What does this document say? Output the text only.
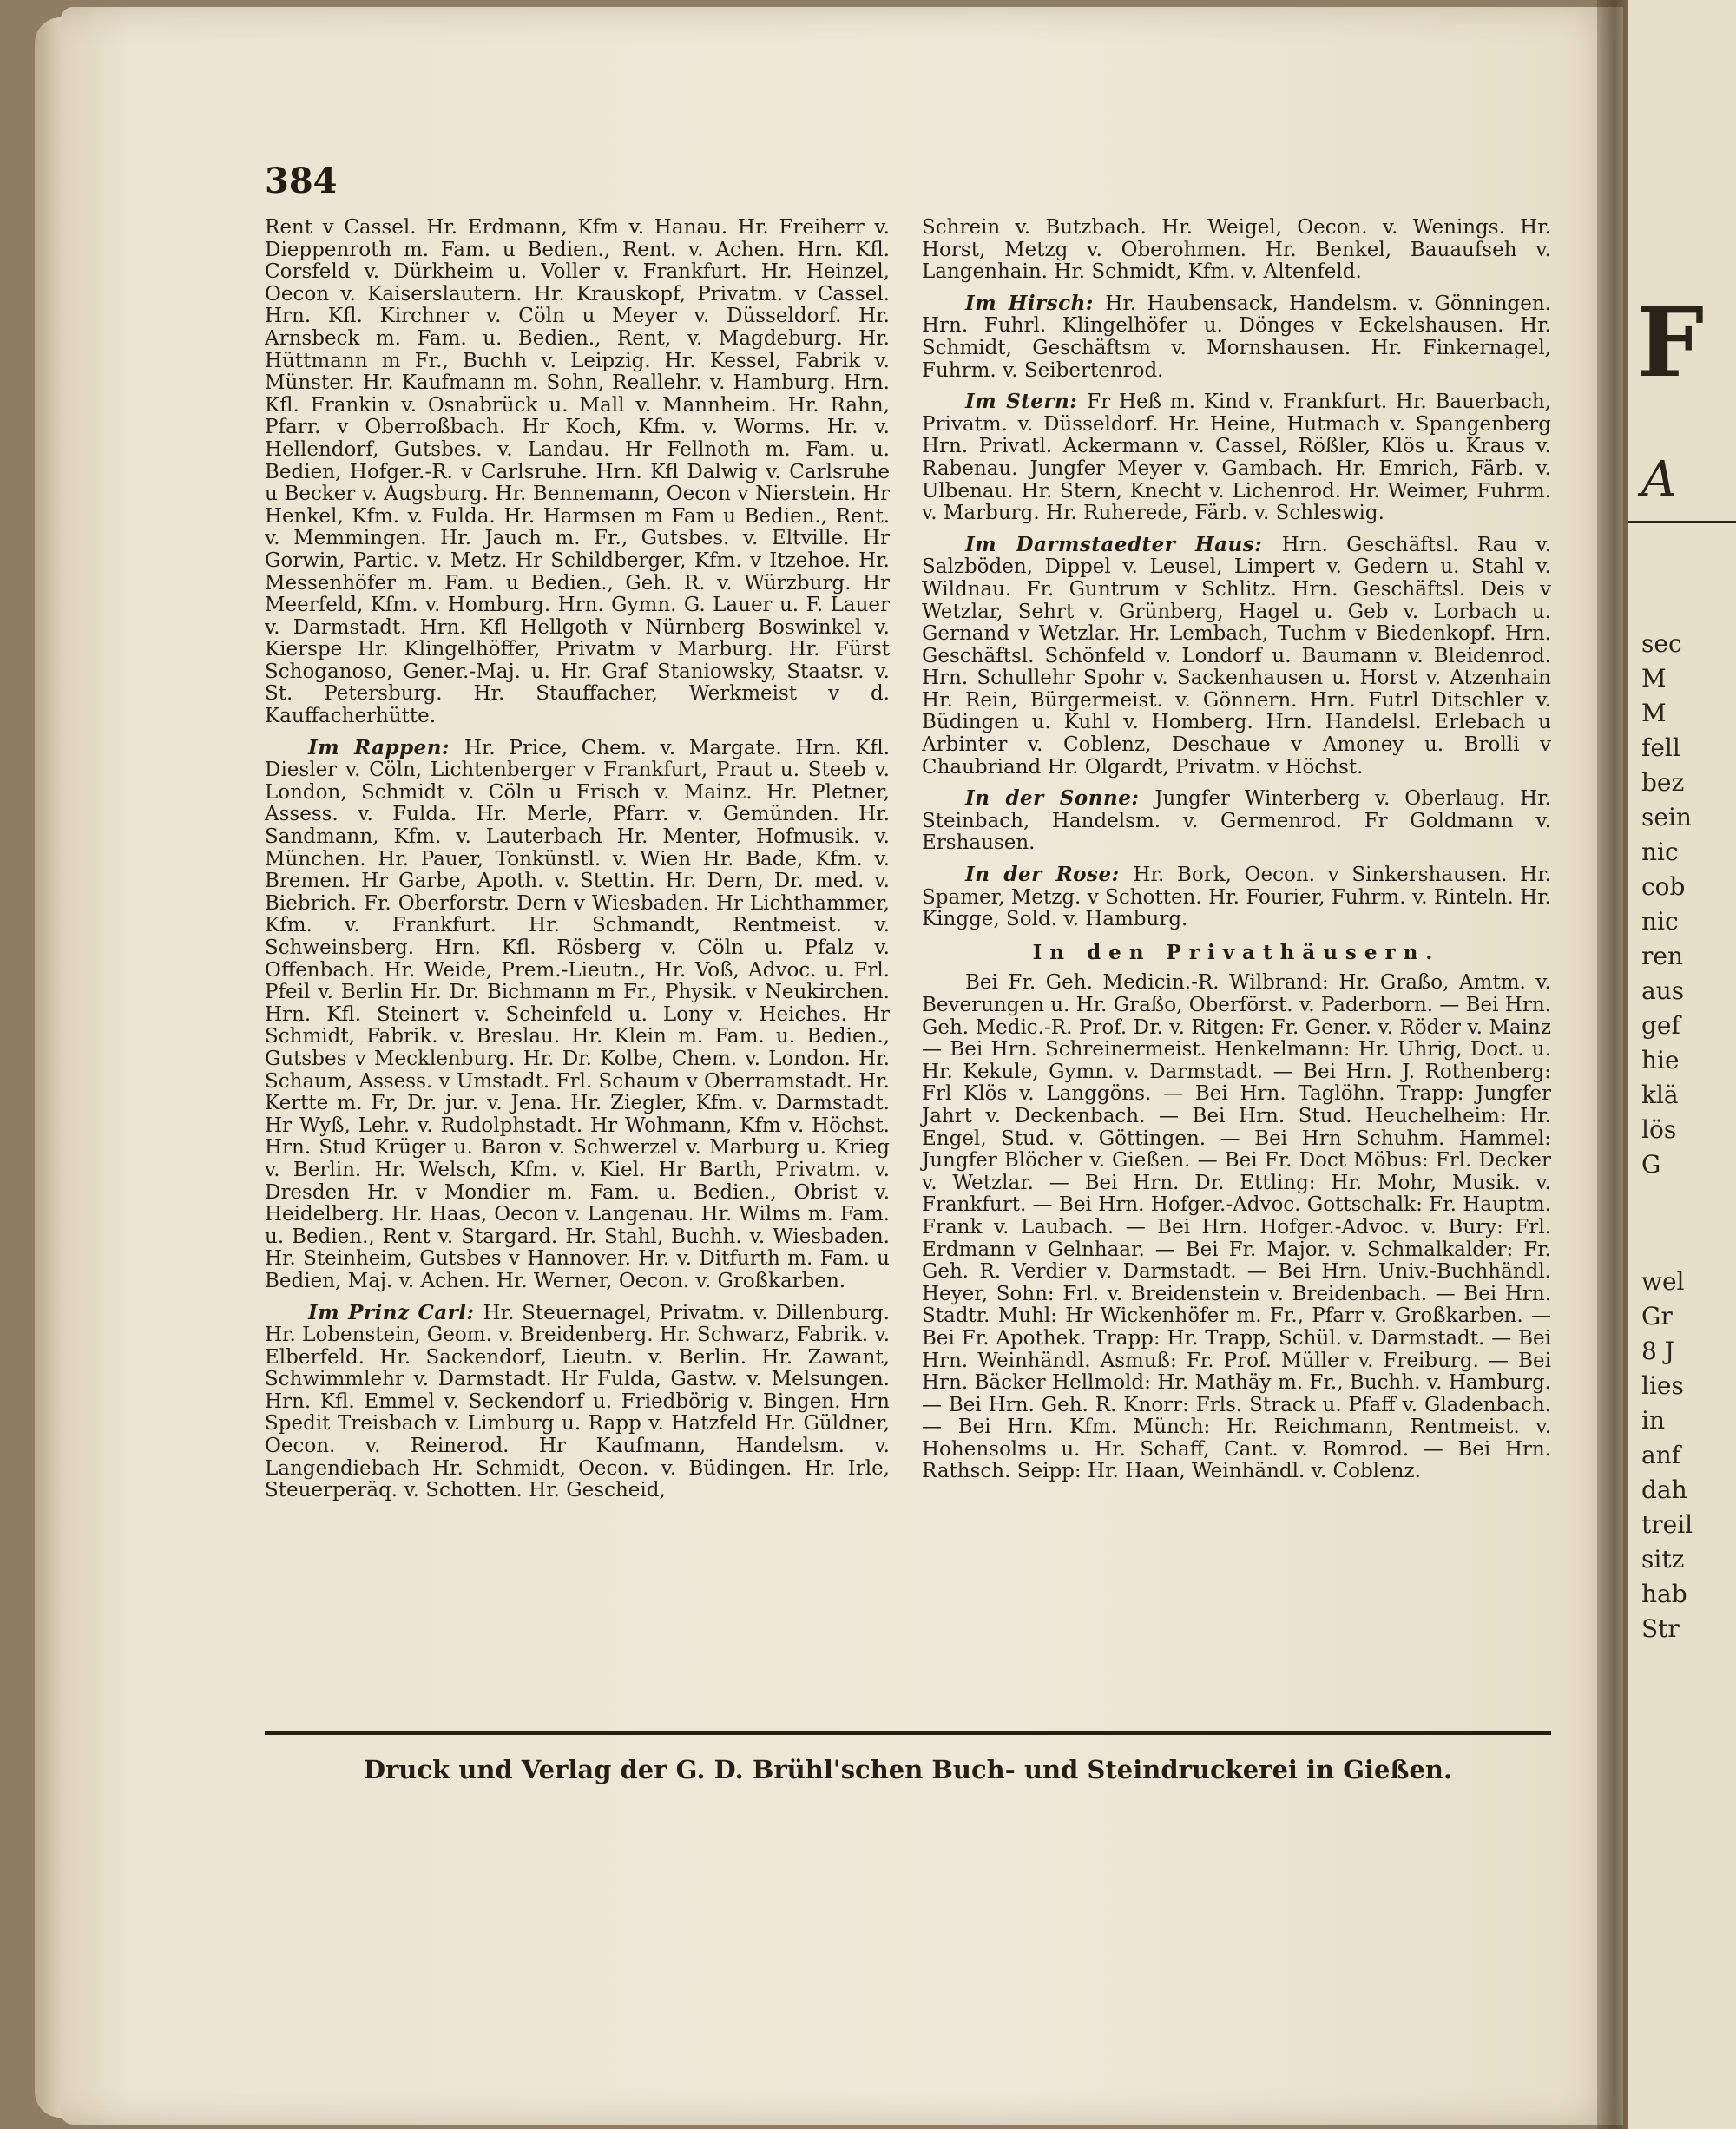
F
A
sec
M
M
fell
bez
sein
nic
cob
nic
ren
aus
gef
hie
klä
lös
G
wel
Gr
8 J
lies
in
anf
dah
treil
sitz
hab
Str
384

Rent v Cassel. Hr. Erdmann, Kfm v. Hanau. Hr. Freiherr v. Dieppenroth m. Fam. u Bedien., Rent. v. Achen. Hrn. Kfl. Corsfeld v. Dürkheim u. Voller v. Frankfurt. Hr. Heinzel, Oecon v. Kaiserslautern. Hr. Krauskopf, Privatm. v Cassel. Hrn. Kfl. Kirchner v. Cöln u Meyer v. Düsseldorf. Hr. Arnsbeck m. Fam. u. Bedien., Rent, v. Magdeburg. Hr. Hüttmann m Fr., Buchh v. Leipzig. Hr. Kessel, Fabrik v. Münster. Hr. Kaufmann m. Sohn, Reallehr. v. Hamburg. Hrn. Kfl. Frankin v. Osnabrück u. Mall v. Mannheim. Hr. Rahn, Pfarr. v Oberroßbach. Hr Koch, Kfm. v. Worms. Hr. v. Hellendorf, Gutsbes. v. Landau. Hr Fellnoth m. Fam. u. Bedien, Hofger.-R. v Carlsruhe. Hrn. Kfl Dalwig v. Carlsruhe u Becker v. Augsburg. Hr. Bennemann, Oecon v Nierstein. Hr Henkel, Kfm. v. Fulda. Hr. Harmsen m Fam u Bedien., Rent. v. Memmingen. Hr. Jauch m. Fr., Gutsbes. v. Eltville. Hr Gorwin, Partic. v. Metz. Hr Schildberger, Kfm. v Itzehoe. Hr. Messenhöfer m. Fam. u Bedien., Geh. R. v. Würzburg. Hr Meerfeld, Kfm. v. Homburg. Hrn. Gymn. G. Lauer u. F. Lauer v. Darmstadt. Hrn. Kfl Hellgoth v Nürnberg Boswinkel v. Kierspe Hr. Klingelhöffer, Privatm v Marburg. Hr. Fürst Schoganoso, Gener.-Maj. u. Hr. Graf Staniowsky, Staatsr. v. St. Petersburg. Hr. Stauffacher, Werkmeist v d. Kauffacherhütte.

Im Rappen: Hr. Price, Chem. v. Margate. Hrn. Kfl. Diesler v. Cöln, Lichtenberger v Frankfurt, Praut u. Steeb v. London, Schmidt v. Cöln u Frisch v. Mainz. Hr. Pletner, Assess. v. Fulda. Hr. Merle, Pfarr. v. Gemünden. Hr. Sandmann, Kfm. v. Lauterbach Hr. Menter, Hofmusik. v. München. Hr. Pauer, Tonkünstl. v. Wien Hr. Bade, Kfm. v. Bremen. Hr Garbe, Apoth. v. Stettin. Hr. Dern, Dr. med. v. Biebrich. Fr. Oberforstr. Dern v Wiesbaden. Hr Lichthammer, Kfm. v. Frankfurt. Hr. Schmandt, Rentmeist. v. Schweinsberg. Hrn. Kfl. Rösberg v. Cöln u. Pfalz v. Offenbach. Hr. Weide, Prem.-Lieutn., Hr. Voß, Advoc. u. Frl. Pfeil v. Berlin Hr. Dr. Bichmann m Fr., Physik. v Neukirchen. Hrn. Kfl. Steinert v. Scheinfeld u. Lony v. Heiches. Hr Schmidt, Fabrik. v. Breslau. Hr. Klein m. Fam. u. Bedien., Gutsbes v Mecklenburg. Hr. Dr. Kolbe, Chem. v. London. Hr. Schaum, Assess. v Umstadt. Frl. Schaum v Oberramstadt. Hr. Kertte m. Fr, Dr. jur. v. Jena. Hr. Ziegler, Kfm. v. Darmstadt. Hr Wyß, Lehr. v. Rudolphstadt. Hr Wohmann, Kfm v. Höchst. Hrn. Stud Krüger u. Baron v. Schwerzel v. Marburg u. Krieg v. Berlin. Hr. Welsch, Kfm. v. Kiel. Hr Barth, Privatm. v. Dresden Hr. v Mondier m. Fam. u. Bedien., Obrist v. Heidelberg. Hr. Haas, Oecon v. Langenau. Hr. Wilms m. Fam. u. Bedien., Rent v. Stargard. Hr. Stahl, Buchh. v. Wiesbaden. Hr. Steinheim, Gutsbes v Hannover. Hr. v. Ditfurth m. Fam. u Bedien, Maj. v. Achen. Hr. Werner, Oecon. v. Großkarben.

Im Prinz Carl: Hr. Steuernagel, Privatm. v. Dillenburg. Hr. Lobenstein, Geom. v. Breidenberg. Hr. Schwarz, Fabrik. v. Elberfeld. Hr. Sackendorf, Lieutn. v. Berlin. Hr. Zawant, Schwimmlehr v. Darmstadt. Hr Fulda, Gastw. v. Melsungen. Hrn. Kfl. Emmel v. Seckendorf u. Friedbörig v. Bingen. Hrn Spedit Treisbach v. Limburg u. Rapp v. Hatzfeld Hr. Güldner, Oecon. v. Reinerod. Hr Kaufmann, Handelsm. v. Langendiebach Hr. Schmidt, Oecon. v. Büdingen. Hr. Irle, Steuerperäq. v. Schotten. Hr. Gescheid,

Schrein v. Butzbach. Hr. Weigel, Oecon. v. Wenings. Hr. Horst, Metzg v. Oberohmen. Hr. Benkel, Bauaufseh v. Langenhain. Hr. Schmidt, Kfm. v. Altenfeld.

Im Hirsch: Hr. Haubensack, Handelsm. v. Gönningen. Hrn. Fuhrl. Klingelhöfer u. Dönges v Eckelshausen. Hr. Schmidt, Geschäftsm v. Mornshausen. Hr. Finkernagel, Fuhrm. v. Seibertenrod.

Im Stern: Fr Heß m. Kind v. Frankfurt. Hr. Bauerbach, Privatm. v. Düsseldorf. Hr. Heine, Hutmach v. Spangenberg Hrn. Privatl. Ackermann v. Cassel, Rößler, Klös u. Kraus v. Rabenau. Jungfer Meyer v. Gambach. Hr. Emrich, Färb. v. Ulbenau. Hr. Stern, Knecht v. Lichenrod. Hr. Weimer, Fuhrm. v. Marburg. Hr. Ruherede, Färb. v. Schleswig.

Im Darmstaedter Haus: Hrn. Geschäftsl. Rau v. Salzböden, Dippel v. Leusel, Limpert v. Gedern u. Stahl v. Wildnau. Fr. Guntrum v Schlitz. Hrn. Geschäftsl. Deis v Wetzlar, Sehrt v. Grünberg, Hagel u. Geb v. Lorbach u. Gernand v Wetzlar. Hr. Lembach, Tuchm v Biedenkopf. Hrn. Geschäftsl. Schönfeld v. Londorf u. Baumann v. Bleidenrod. Hrn. Schullehr Spohr v. Sackenhausen u. Horst v. Atzenhain Hr. Rein, Bürgermeist. v. Gönnern. Hrn. Futrl Ditschler v. Büdingen u. Kuhl v. Homberg. Hrn. Handelsl. Erlebach u Arbinter v. Coblenz, Deschaue v Amoney u. Brolli v Chaubriand Hr. Olgardt, Privatm. v Höchst.

In der Sonne: Jungfer Winterberg v. Oberlaug. Hr. Steinbach, Handelsm. v. Germenrod. Fr Goldmann v. Ershausen.

In der Rose: Hr. Bork, Oecon. v Sinkershausen. Hr. Spamer, Metzg. v Schotten. Hr. Fourier, Fuhrm. v. Rinteln. Hr. Kingge, Sold. v. Hamburg.

In den Privathäusern.

Bei Fr. Geh. Medicin.-R. Wilbrand: Hr. Graßo, Amtm. v. Beverungen u. Hr. Graßo, Oberförst. v. Paderborn. — Bei Hrn. Geh. Medic.-R. Prof. Dr. v. Ritgen: Fr. Gener. v. Röder v. Mainz — Bei Hrn. Schreinermeist. Henkelmann: Hr. Uhrig, Doct. u. Hr. Kekule, Gymn. v. Darmstadt. — Bei Hrn. J. Rothenberg: Frl Klös v. Langgöns. — Bei Hrn. Taglöhn. Trapp: Jungfer Jahrt v. Deckenbach. — Bei Hrn. Stud. Heuchelheim: Hr. Engel, Stud. v. Göttingen. — Bei Hrn Schuhm. Hammel: Jungfer Blöcher v. Gießen. — Bei Fr. Doct Möbus: Frl. Decker v. Wetzlar. — Bei Hrn. Dr. Ettling: Hr. Mohr, Musik. v. Frankfurt. — Bei Hrn. Hofger.-Advoc. Gottschalk: Fr. Hauptm. Frank v. Laubach. — Bei Hrn. Hofger.-Advoc. v. Bury: Frl. Erdmann v Gelnhaar. — Bei Fr. Major. v. Schmalkalder: Fr. Geh. R. Verdier v. Darmstadt. — Bei Hrn. Univ.-Buchhändl. Heyer, Sohn: Frl. v. Breidenstein v. Breidenbach. — Bei Hrn. Stadtr. Muhl: Hr Wickenhöfer m. Fr., Pfarr v. Großkarben. — Bei Fr. Apothek. Trapp: Hr. Trapp, Schül. v. Darmstadt. — Bei Hrn. Weinhändl. Asmuß: Fr. Prof. Müller v. Freiburg. — Bei Hrn. Bäcker Hellmold: Hr. Mathäy m. Fr., Buchh. v. Hamburg. — Bei Hrn. Geh. R. Knorr: Frls. Strack u. Pfaff v. Gladenbach. — Bei Hrn. Kfm. Münch: Hr. Reichmann, Rentmeist. v. Hohensolms u. Hr. Schaff, Cant. v. Romrod. — Bei Hrn. Rathsch. Seipp: Hr. Haan, Weinhändl. v. Coblenz.

Druck und Verlag der G. D. Brühl'schen Buch- und Steindruckerei in Gießen.
